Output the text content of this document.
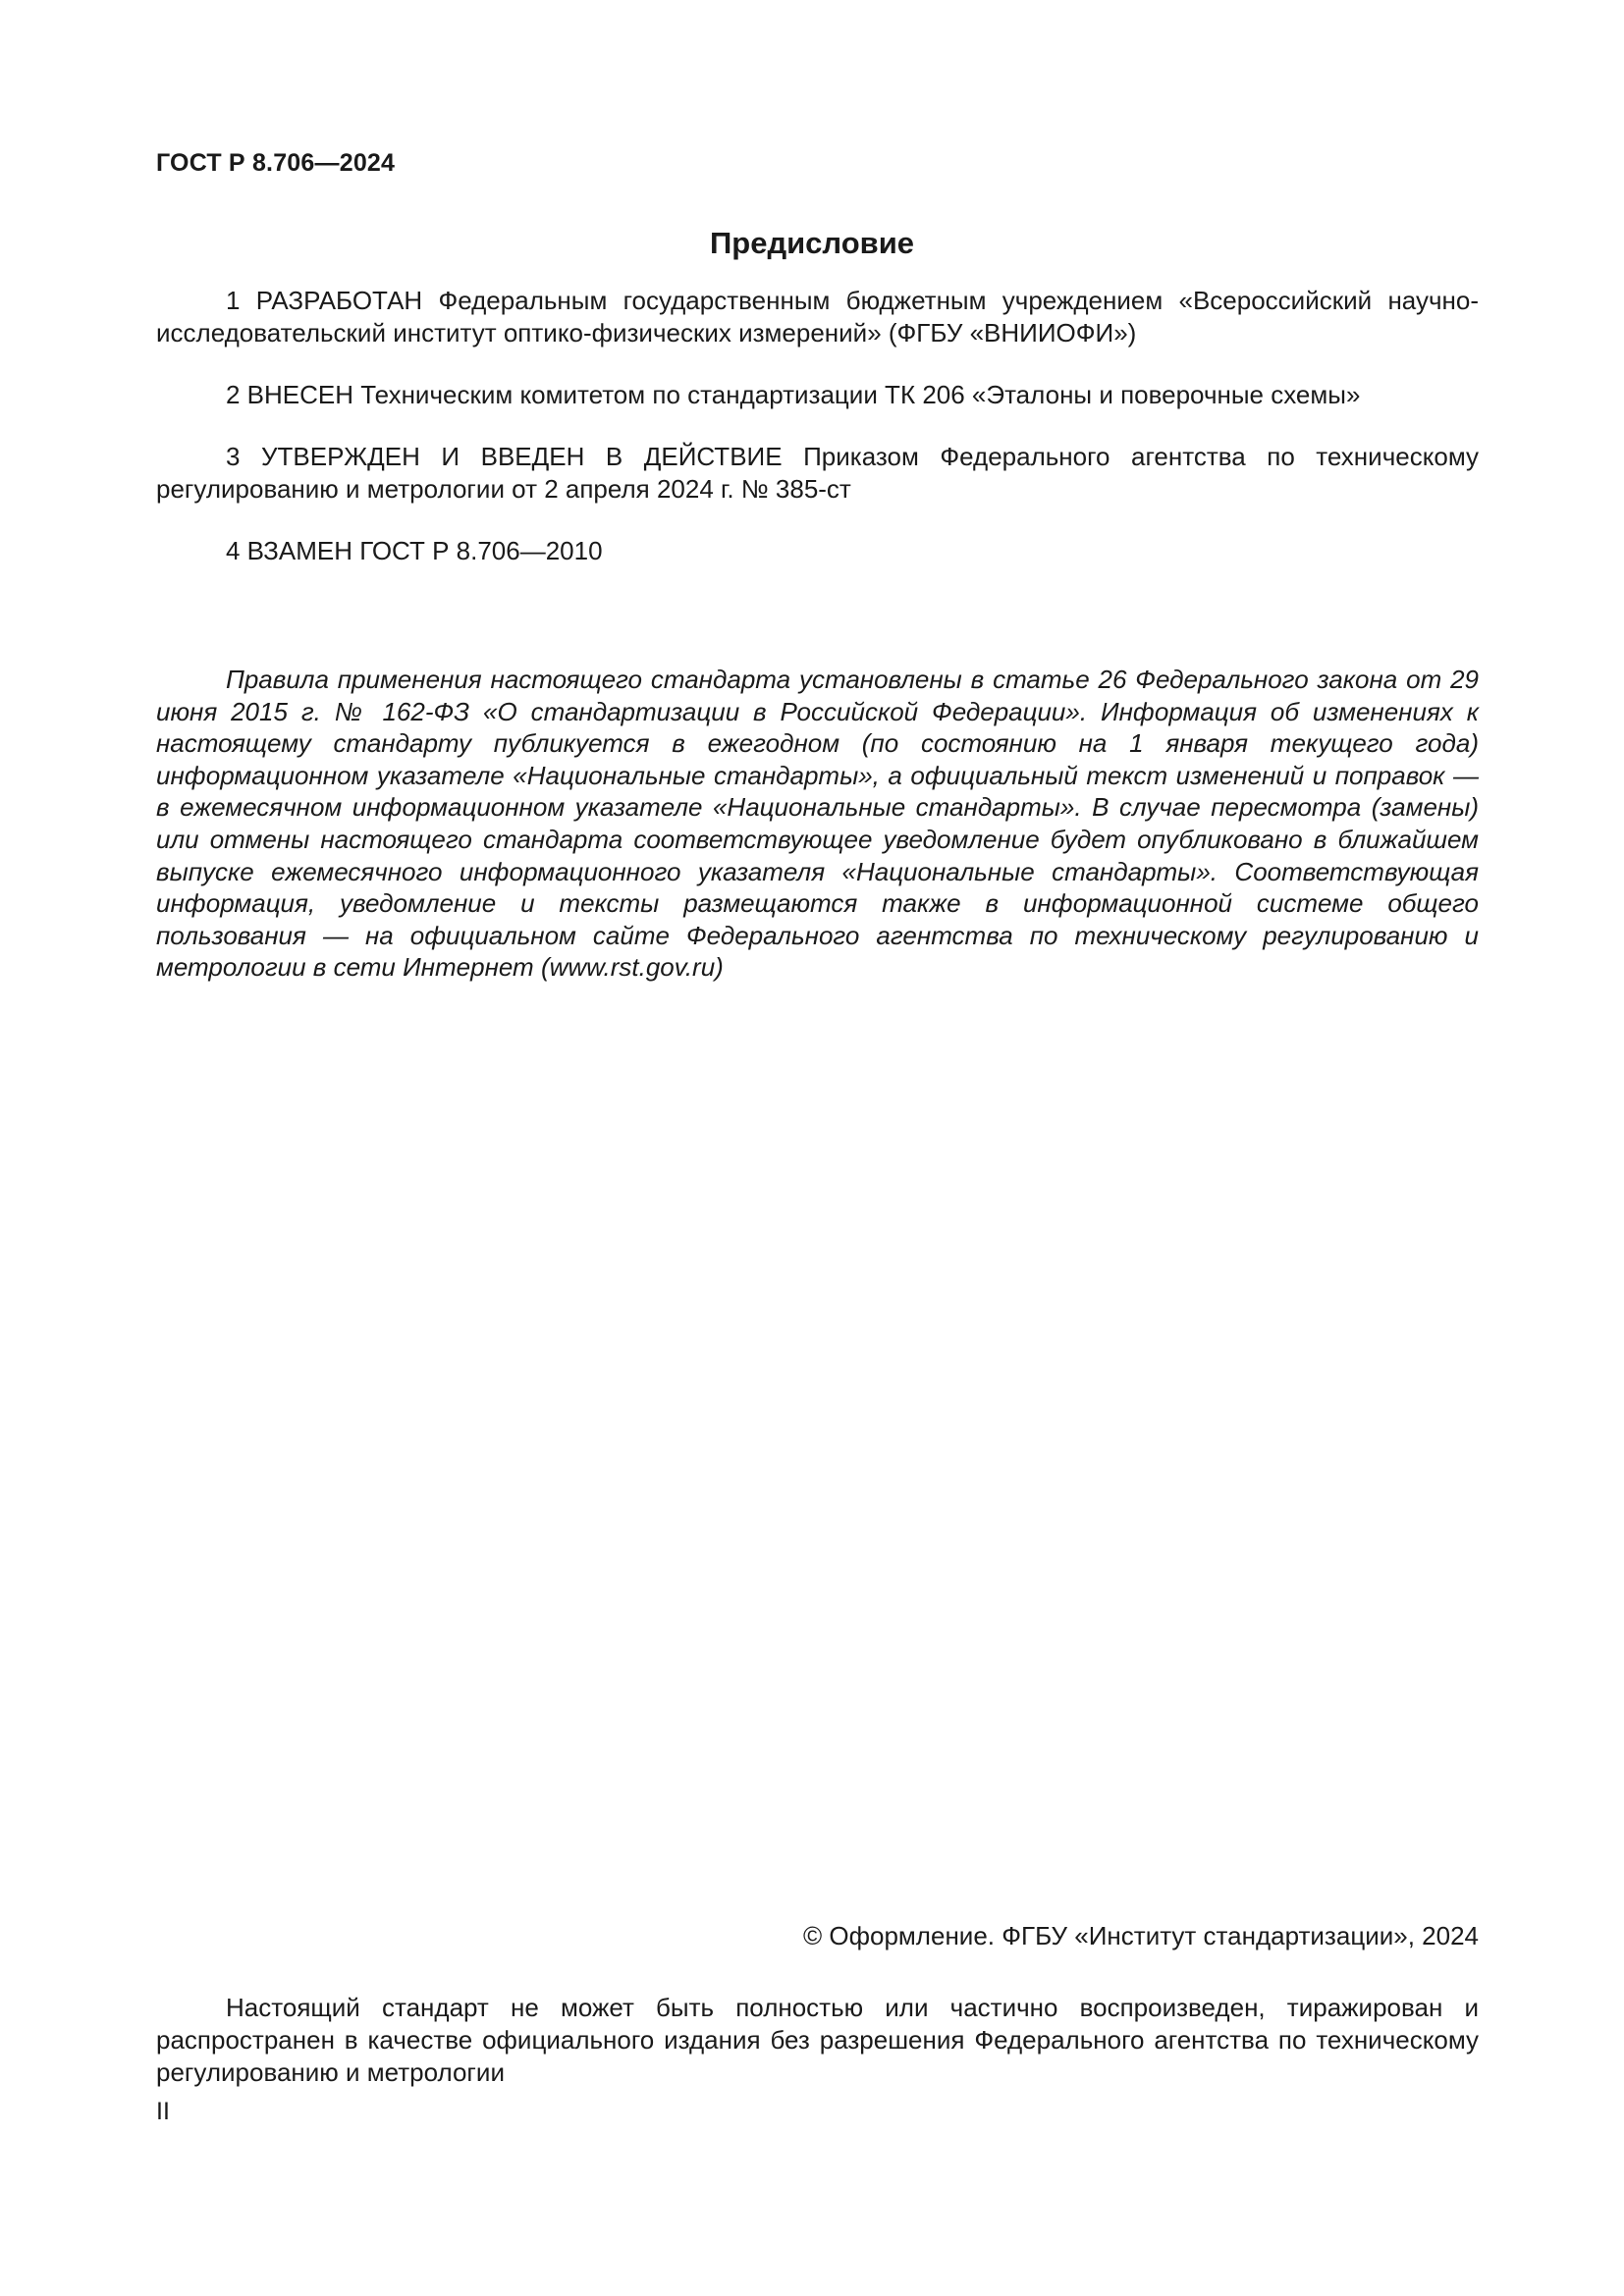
ГОСТ Р 8.706—2024
Предисловие

1 РАЗРАБОТАН Федеральным государственным бюджетным учреждением «Всероссийский научно-исследовательский институт оптико-физических измерений» (ФГБУ «ВНИИОФИ»)

2 ВНЕСЕН Техническим комитетом по стандартизации ТК 206 «Эталоны и поверочные схемы»

3 УТВЕРЖДЕН И ВВЕДЕН В ДЕЙСТВИЕ Приказом Федерального агентства по техническому регулированию и метрологии от 2 апреля 2024 г. № 385-ст

4 ВЗАМЕН ГОСТ Р 8.706—2010

Правила применения настоящего стандарта установлены в статье 26 Федерального закона от 29 июня 2015 г. № 162-ФЗ «О стандартизации в Российской Федерации». Информация об изменениях к настоящему стандарту публикуется в ежегодном (по состоянию на 1 января текущего года) информационном указателе «Национальные стандарты», а официальный текст изменений и поправок — в ежемесячном информационном указателе «Национальные стандарты». В случае пересмотра (замены) или отмены настоящего стандарта соответствующее уведомление будет опубликовано в ближайшем выпуске ежемесячного информационного указателя «Национальные стандарты». Соответствующая информация, уведомление и тексты размещаются также в информационной системе общего пользования — на официальном сайте Федерального агентства по техническому регулированию и метрологии в сети Интернет (www.rst.gov.ru)

© Оформление. ФГБУ «Институт стандартизации», 2024

Настоящий стандарт не может быть полностью или частично воспроизведен, тиражирован и распространен в качестве официального издания без разрешения Федерального агентства по техническому регулированию и метрологии

II
